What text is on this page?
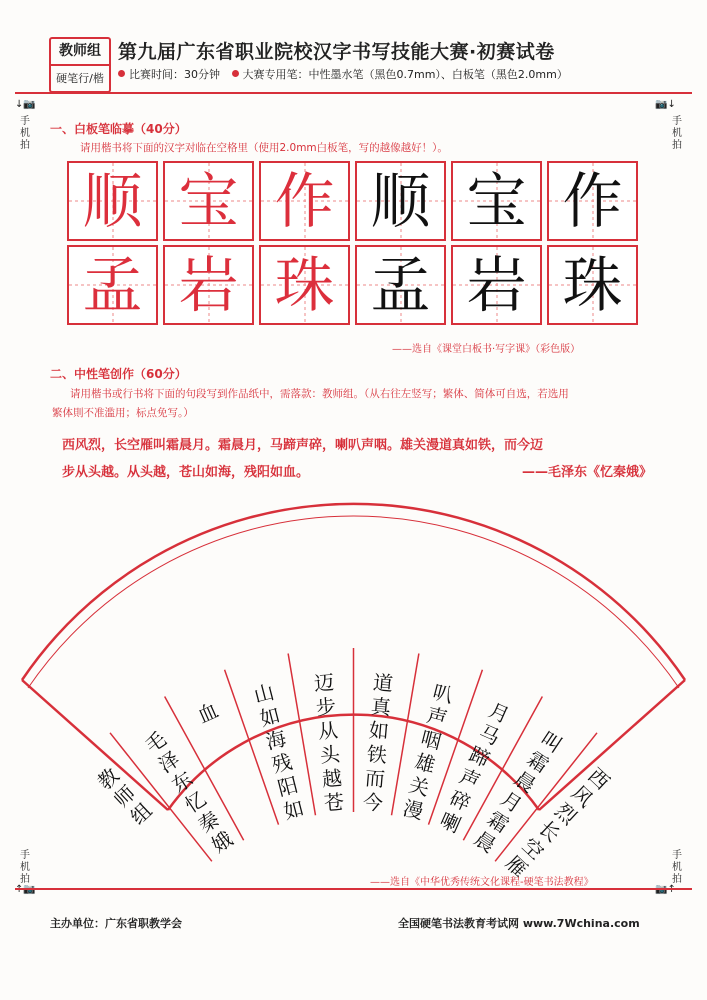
教师组
硬笔行/楷
第九届广东省职业院校汉字书写技能大赛·初赛试卷
比赛时间：30分钟 大赛专用笔：中性墨水笔（黑色0.7mm）、白板笔（黑色2.0mm）
↓📷
手机拍
📷↓
手机拍
一、白板笔临摹（40分）
请用楷书将下面的汉字对临在空格里（使用2.0mm白板笔，写的越像越好！）。
顺 宝 作 顺 宝 作
孟 岩 珠 孟 岩 珠
——选自《课堂白板书·写字课》（彩色版）
二、中性笔创作（60分）
请用楷书或行书将下面的句段写到作品纸中，需落款：教师组。（从右往左竖写；繁体、简体可自选，若选用
繁体則不准滥用；标点免写。）
西风烈，长空雁叫霜晨月。霜晨月，马蹄声碎，喇叭声咽。雄关漫道真如铁，而今迈
步从头越。从头越，苍山如海，残阳如血。	——毛泽东《忆秦娥》
西风烈长空雁
叫霜晨月霜晨
月马蹄声碎喇
叭声咽雄关漫
道真如铁而今
迈步从头越苍
山如海残阳如
血
毛泽东忆秦娥
教师组
——选自《中华优秀传统文化课程-硬笔书法教程》
手机拍
手机拍
主办单位：广东省职教学会	全国硬笔书法教育考试网 www.7Wchina.com
